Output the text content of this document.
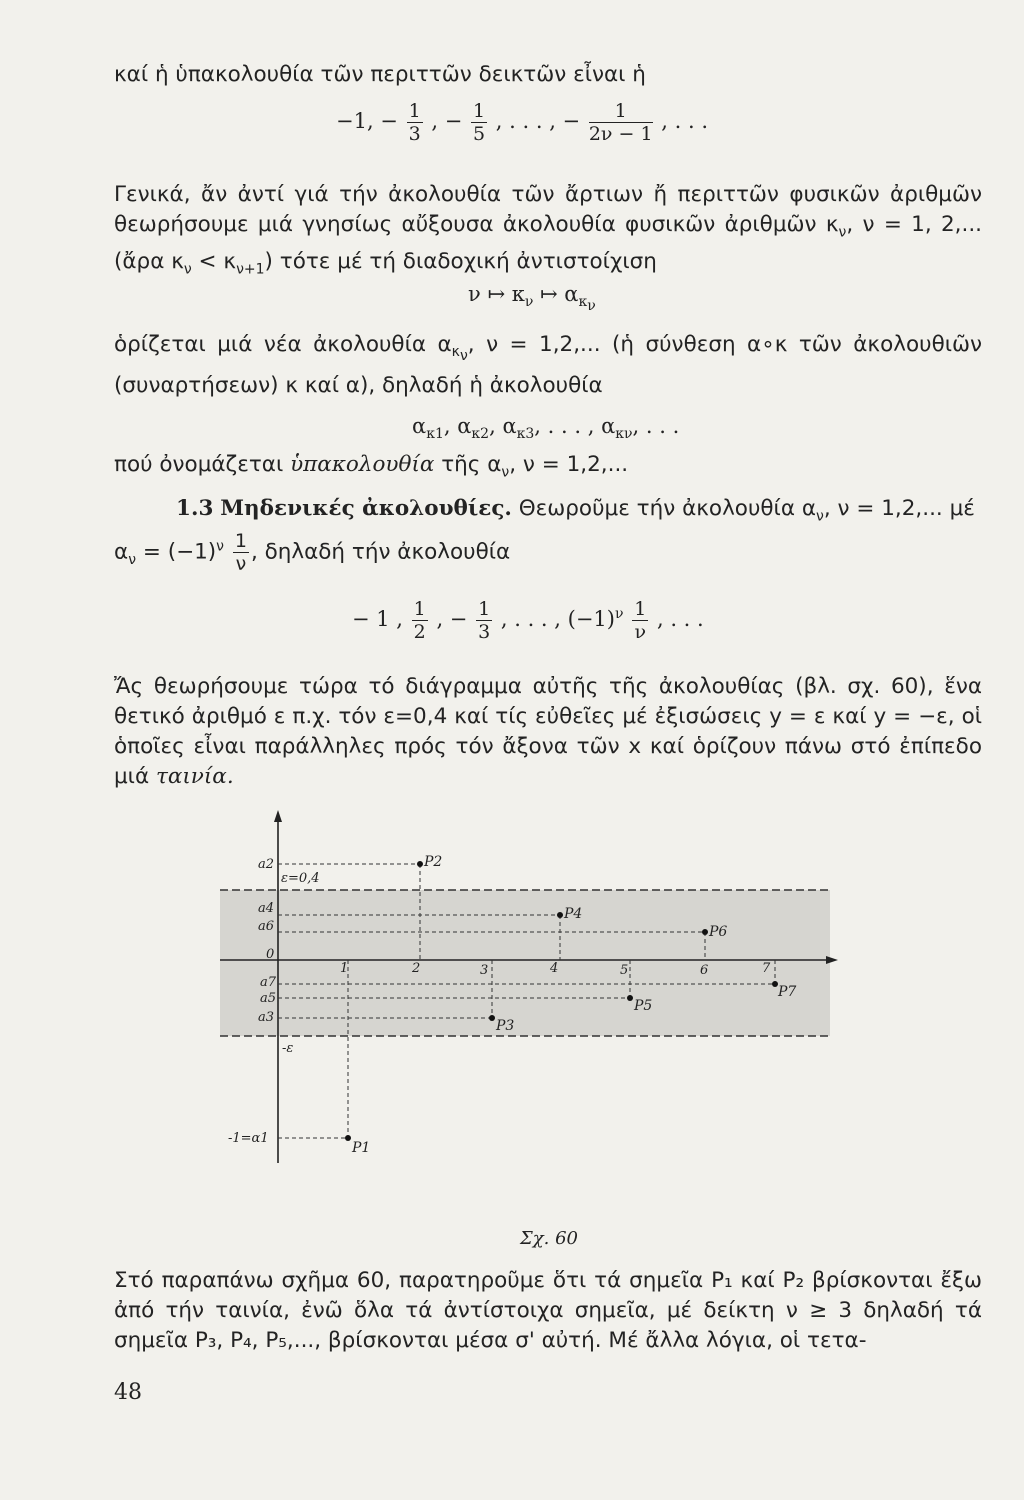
καί ἡ ὑπακολουθία τῶν περιττῶν δεικτῶν εἶναι ἡ
−1, − $\frac{1}{3}$ , − $\frac{1}{5}$ , . . . , − $\frac{1}{2\nu - 1}$ , . . .
Γενικά, ἄν ἀντί γιά τήν ἀκολουθία τῶν ἄρτιων ἤ περιττῶν φυσικῶν ἀριθμῶν θεωρήσουμε μιά γνησίως αὔξουσα ἀκολουθία φυσικῶν ἀριθμῶν $\kappa_\nu$, ν = 1, 2,... (ἄρα $\kappa_\nu < \kappa_{\nu+1}$) τότε μέ τή διαδοχική ἀντιστοίχιση
ν ↦ $\kappa_\nu$ ↦ $\alpha_{\kappa_\nu}$
ὁρίζεται μιά νέα ἀκολουθία $\alpha_{\kappa_\nu}$, ν = 1,2,... (ἡ σύνθεση α∘κ τῶν ἀκολουθιῶν (συναρτήσεων) κ καί α), δηλαδή ἡ ἀκολουθία
$\alpha_{\kappa 1}$, $\alpha_{\kappa 2}$, $\alpha_{\kappa 3}$, . . . , $\alpha_{\kappa\nu}$, . . .
πού ὀνομάζεται ὑπακολουθία τῆς $\alpha_\nu$, ν = 1,2,...
1.3 Μηδενικές ἀκολουθίες. Θεωροῦμε τήν ἀκολουθία $\alpha_\nu$, ν = 1,2,... μέ
$\alpha_\nu = (-1)^\nu \frac{1}{\nu}$ , δηλαδή τήν ἀκολουθία
− 1 , $\frac{1}{2}$ , − $\frac{1}{3}$ , . . . , $(-1)^\nu \frac{1}{\nu}$ , . . .
Ἄς θεωρήσουμε τώρα τό διάγραμμα αὐτῆς τῆς ἀκολουθίας (βλ. σχ. 60), ἕνα θετικό ἀριθμό ε π.χ. τόν ε=0,4 καί τίς εὐθεῖες μέ ἐξισώσεις y = ε καί y = −ε, οἱ ὁποῖες εἶναι παράλληλες πρός τόν ἄξονα τῶν x καί ὁρίζουν πάνω στό ἐπίπεδο μιά ταινία.
P1
P2
P3
P4
P5
P6
P7
a2
ε=0,4
a4
a6
0
a7
a5
a3
-ε
-1=α1
1	2	3	4	5	6	7
Σχ. 60
Στό παραπάνω σχῆμα 60, παρατηροῦμε ὅτι τά σημεῖα P₁ καί P₂ βρίσκονται ἔξω ἀπό τήν ταινία, ἐνῶ ὅλα τά ἀντίστοιχα σημεῖα, μέ δείκτη ν ≥ 3 δηλαδή τά σημεῖα P₃, P₄, P₅,..., βρίσκονται μέσα σ' αὐτή. Μέ ἄλλα λόγια, οἱ τετα-
48
